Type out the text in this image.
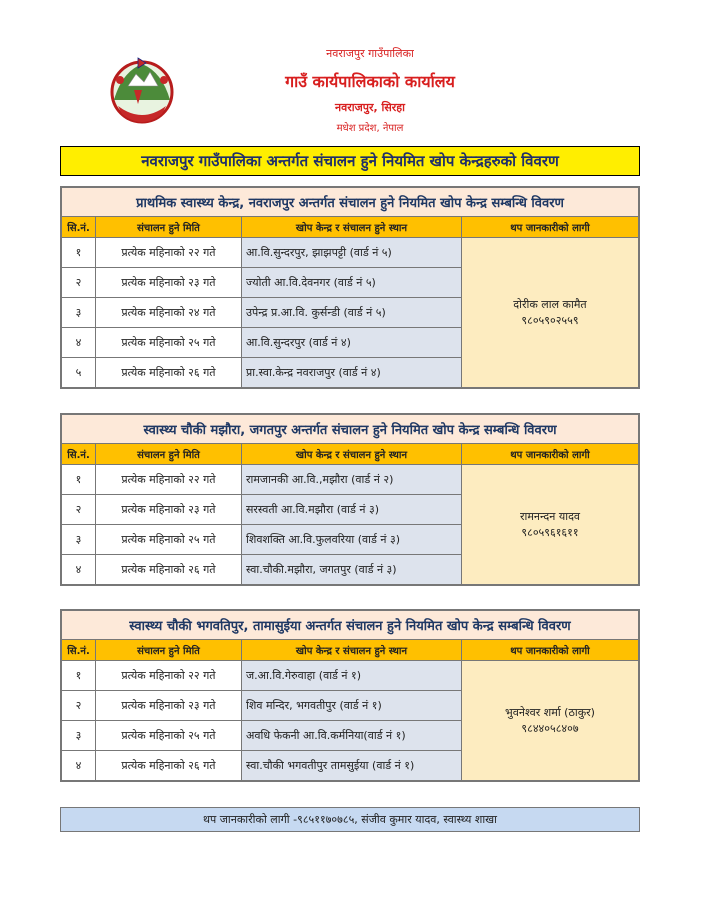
नवराजपुर गाउँपालिका
गाउँ कार्यपालिकाको कार्यालय
नवराजपुर, सिरहा
मधेश प्रदेश, नेपाल
नवराजपुर गाउँपालिका अन्तर्गत संचालन हुने नियमित खोप केन्द्रहरुको विवरण
प्राथमिक स्वास्थ्य केन्द्र, नवराजपुर अन्तर्गत संचालन हुने नियमित खोप केन्द्र सम्बन्धि विवरण			
सि.नं.	संचालन हुने मिति	खोप केन्द्र र संचालन हुने स्थान	थप जानकारीको लागी
१	प्रत्येक महिनाको २२ गते	आ.वि.सुन्दरपुर, झाझपट्टी (वार्ड नं ५)	दोरीक लाल कामैत
९८०५९०२५५९

२	प्रत्येक महिनाको २३ गते	ज्योती आ.वि.देवनगर (वार्ड नं ५)	
३	प्रत्येक महिनाको २४ गते	उपेन्द्र प्र.आ.वि. कुर्सन्डी (वार्ड नं ५)	
४	प्रत्येक महिनाको २५ गते	आ.वि.सुन्दरपुर (वार्ड नं ४)	
५	प्रत्येक महिनाको २६ गते	प्रा.स्वा.केन्द्र नवराजपुर (वार्ड नं ४)	
स्वास्थ्य चौकी मझौरा, जगतपुर अन्तर्गत संचालन हुने नियमित खोप केन्द्र सम्बन्धि विवरण			
सि.नं.	संचालन हुने मिति	खोप केन्द्र र संचालन हुने स्थान	थप जानकारीको लागी
१	प्रत्येक महिनाको २२ गते	रामजानकी आ.वि.,मझौरा (वार्ड नं २)	रामनन्दन यादव
९८०५९६१६११

२	प्रत्येक महिनाको २३ गते	सरस्वती आ.वि.मझौरा (वार्ड नं ३)	
३	प्रत्येक महिनाको २५ गते	शिवशक्ति आ.वि.फुलवरिया (वार्ड नं ३)	
४	प्रत्येक महिनाको २६ गते	स्वा.चौकी.मझौरा, जगतपुर (वार्ड नं ३)	
स्वास्थ्य चौकी भगवतिपुर, तामासुईया अन्तर्गत संचालन हुने नियमित खोप केन्द्र सम्बन्धि विवरण			
सि.नं.	संचालन हुने मिति	खोप केन्द्र र संचालन हुने स्थान	थप जानकारीको लागी
१	प्रत्येक महिनाको २२ गते	ज.आ.वि.गेरुवाहा (वार्ड नं १)	भुवनेश्वर शर्मा (ठाकुर)
९८४४०५८४०७

२	प्रत्येक महिनाको २३ गते	शिव मन्दिर, भगवतीपुर (वार्ड नं १)	
३	प्रत्येक महिनाको २५ गते	अवधि फेकनी आ.वि.कर्मनिया(वार्ड नं १)	
४	प्रत्येक महिनाको २६ गते	स्वा.चौकी भगवतीपुर तामसुईया (वार्ड नं १)	
थप जानकारीको लागी -९८५११७०७८५, संजीव कुमार यादव, स्वास्थ्य शाखा
